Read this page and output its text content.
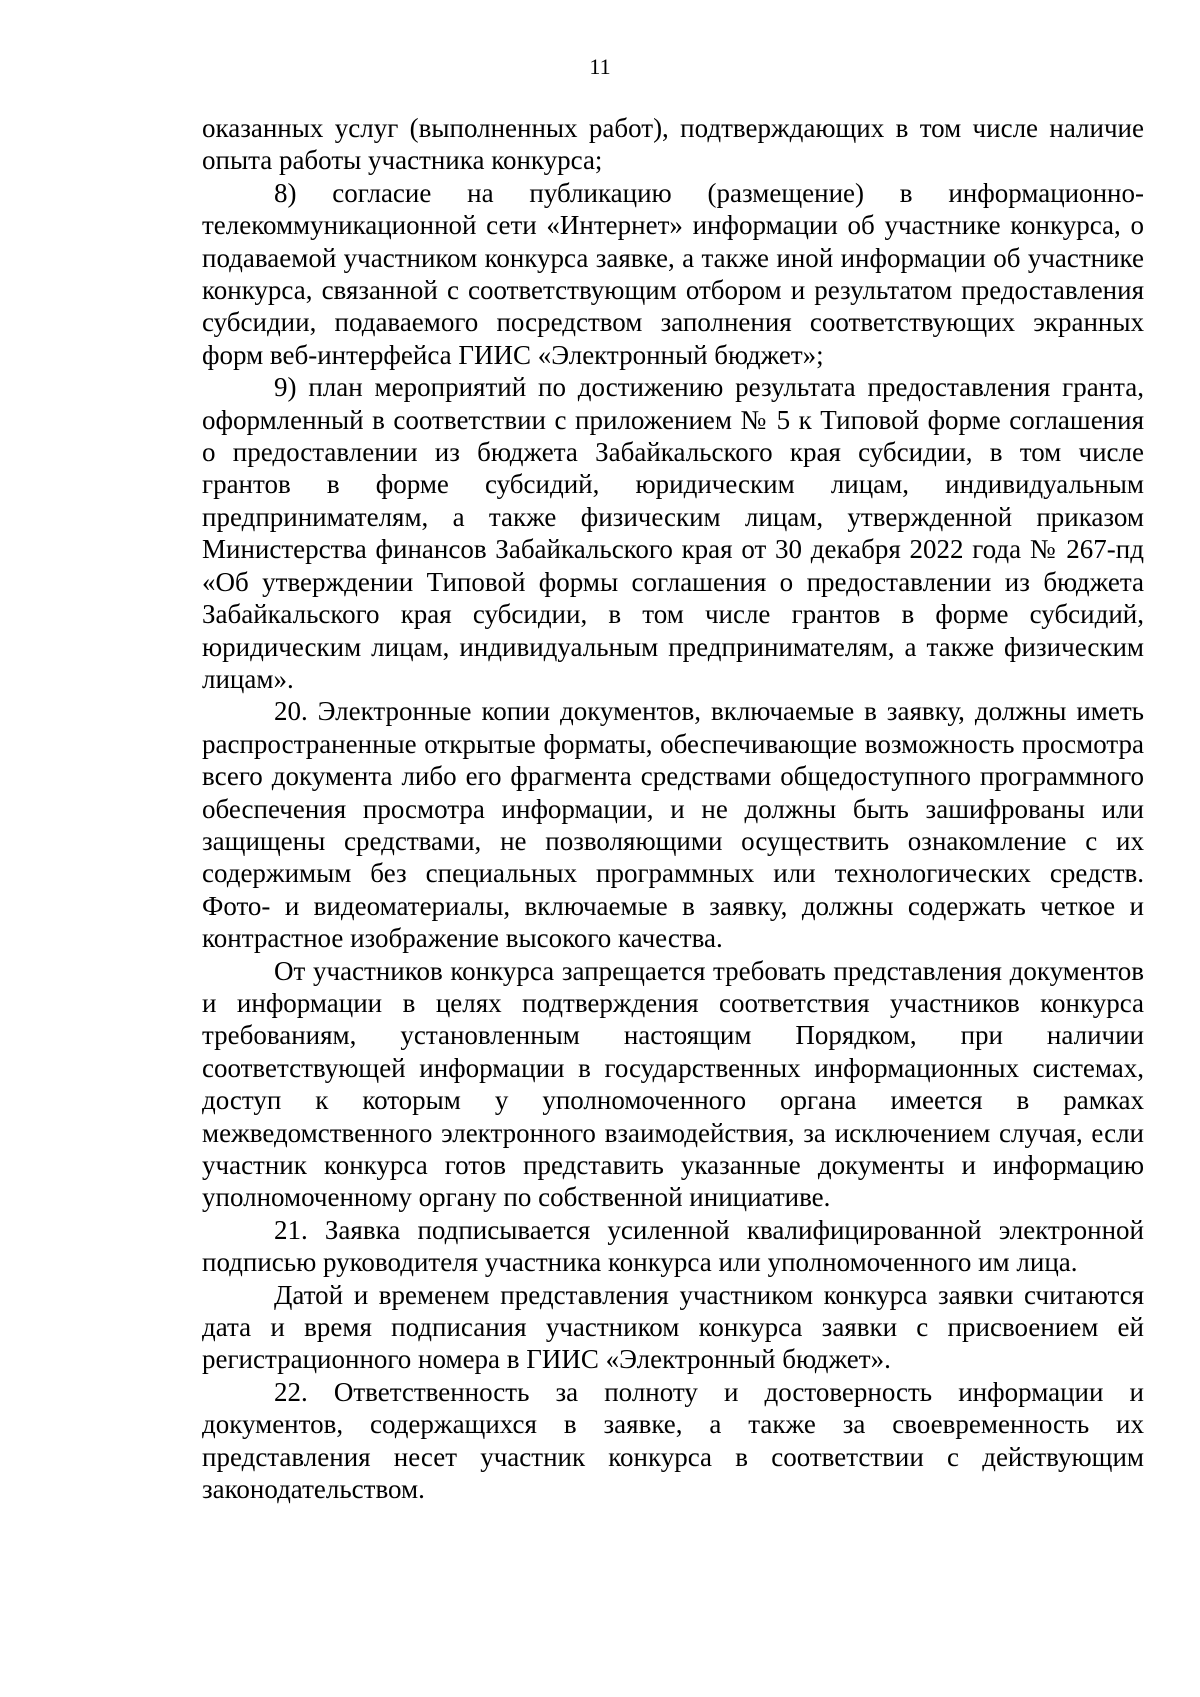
11

оказанных услуг (выполненных работ), подтверждающих в том числе наличие опыта работы участника конкурса;

8) согласие на публикацию (размещение) в информационно-телекоммуникационной сети «Интернет» информации об участнике конкурса, о подаваемой участником конкурса заявке, а также иной информации об участнике конкурса, связанной с соответствующим отбором и результатом предоставления субсидии, подаваемого посредством заполнения соответствующих экранных форм веб-интерфейса ГИИС «Электронный бюджет»;

9) план мероприятий по достижению результата предоставления гранта, оформленный в соответствии с приложением № 5 к Типовой форме соглашения о предоставлении из бюджета Забайкальского края субсидии, в том числе грантов в форме субсидий, юридическим лицам, индивидуальным предпринимателям, а также физическим лицам, утвержденной приказом Министерства финансов Забайкальского края от 30 декабря 2022 года № 267-пд «Об утверждении Типовой формы соглашения о предоставлении из бюджета Забайкальского края субсидии, в том числе грантов в форме субсидий, юридическим лицам, индивидуальным предпринимателям, а также физическим лицам».

20. Электронные копии документов, включаемые в заявку, должны иметь распространенные открытые форматы, обеспечивающие возможность просмотра всего документа либо его фрагмента средствами общедоступного программного обеспечения просмотра информации, и не должны быть зашифрованы или защищены средствами, не позволяющими осуществить ознакомление с их содержимым без специальных программных или технологических средств. Фото- и видеоматериалы, включаемые в заявку, должны содержать четкое и контрастное изображение высокого качества.

От участников конкурса запрещается требовать представления документов и информации в целях подтверждения соответствия участников конкурса требованиям, установленным настоящим Порядком, при наличии соответствующей информации в государственных информационных системах, доступ к которым у уполномоченного органа имеется в рамках межведомственного электронного взаимодействия, за исключением случая, если участник конкурса готов представить указанные документы и информацию уполномоченному органу по собственной инициативе.

21. Заявка подписывается усиленной квалифицированной электронной подписью руководителя участника конкурса или уполномоченного им лица.

Датой и временем представления участником конкурса заявки считаются дата и время подписания участником конкурса заявки с присвоением ей регистрационного номера в ГИИС «Электронный бюджет».

22. Ответственность за полноту и достоверность информации и документов, содержащихся в заявке, а также за своевременность их представления несет участник конкурса в соответствии с действующим законодательством.
